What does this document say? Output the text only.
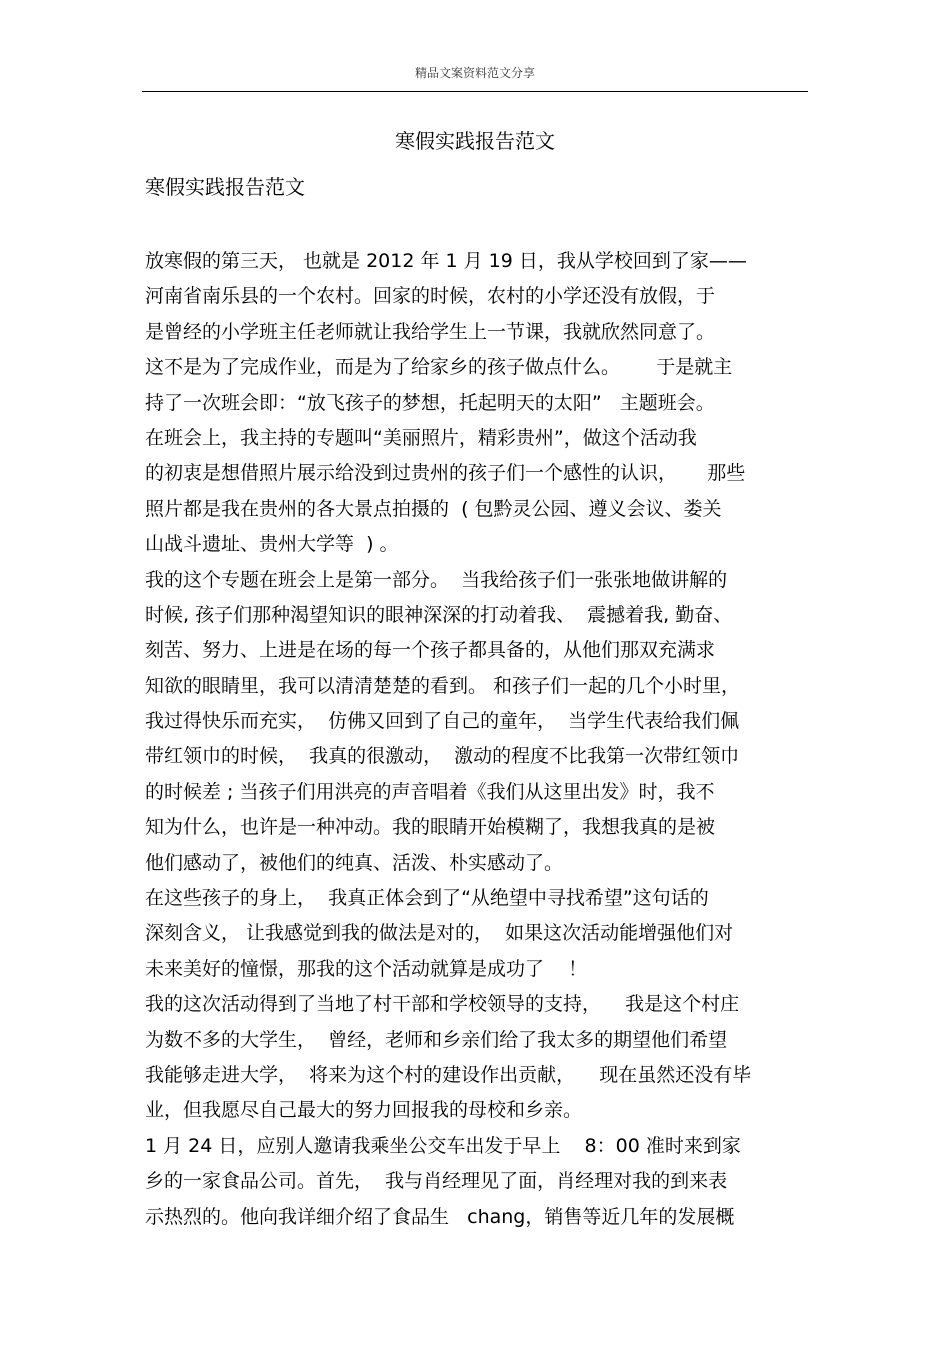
精品文案资料范文分享
寒假实践报告范文
寒假实践报告范文
放寒假的第三天， 也就是 2012 年 1 月 19 日，我从学校回到了家——
河南省南乐县的一个农村。回家的时候，农村的小学还没有放假，于
是曾经的小学班主任老师就让我给学生上一节课，我就欣然同意了。
这不是为了完成作业，而是为了给家乡的孩子做点什么。      于是就主
持了一次班会即：“放飞孩子的梦想，托起明天的太阳”   主题班会。
在班会上，我主持的专题叫“美丽照片，精彩贵州”，做这个活动我
的初衷是想借照片展示给没到过贵州的孩子们一个感性的认识，     那些
照片都是我在贵州的各大景点拍摄的  ( 包黔灵公园、遵义会议、娄关
山战斗遗址、贵州大学等  ) 。
我的这个专题在班会上是第一部分。  当我给孩子们一张张地做讲解的
时候, 孩子们那种渴望知识的眼神深深的打动着我、  震撼着我, 勤奋、
刻苦、努力、上进是在场的每一个孩子都具备的，从他们那双充满求
知欲的眼睛里，我可以清清楚楚的看到。 和孩子们一起的几个小时里，
我过得快乐而充实，  仿佛又回到了自己的童年，  当学生代表给我们佩
带红领巾的时候，  我真的很激动，  激动的程度不比我第一次带红领巾
的时候差 ; 当孩子们用洪亮的声音唱着《我们从这里出发》时，我不
知为什么，也许是一种冲动。我的眼睛开始模糊了，我想我真的是被
他们感动了，被他们的纯真、活泼、朴实感动了。
在这些孩子的身上，  我真正体会到了“从绝望中寻找希望”这句话的
深刻含义， 让我感觉到我的做法是对的，  如果这次活动能增强他们对
未来美好的憧憬，那我的这个活动就算是成功了    ！
我的这次活动得到了当地了村干部和学校领导的支持，    我是这个村庄
为数不多的大学生，  曾经，老师和乡亲们给了我太多的期望他们希望
我能够走进大学，  将来为这个村的建设作出贡献，    现在虽然还没有毕
业，但我愿尽自己最大的努力回报我的母校和乡亲。
1 月 24 日，应别人邀请我乘坐公交车出发于早上    8：00 准时来到家
乡的一家食品公司。首先，  我与肖经理见了面，肖经理对我的到来表
示热烈的。他向我详细介绍了食品生   chang，销售等近几年的发展概
